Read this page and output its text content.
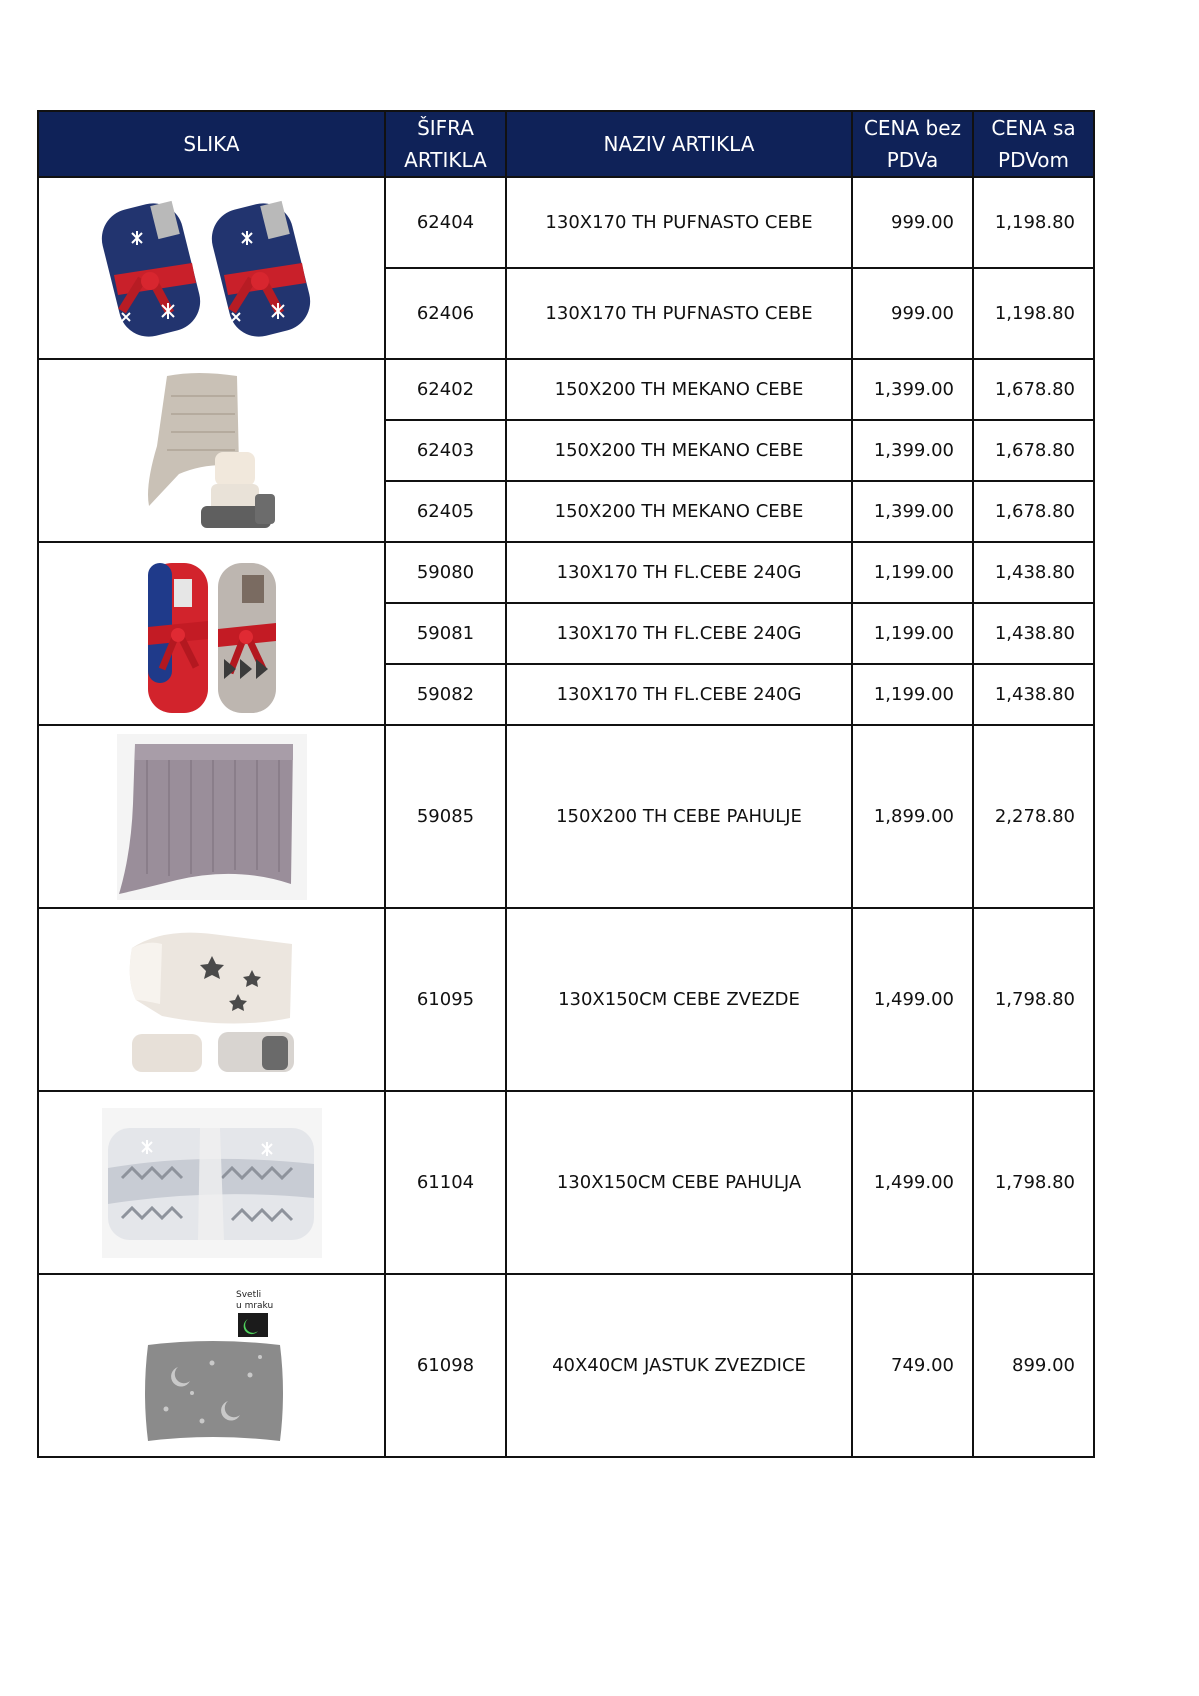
SLIKA	ŠIFRA ARTIKLA	NAZIV ARTIKLA	CENA bez PDVa	CENA sa PDVom

	62404	130X170 TH PUFNASTO CEBE	999.00	1,198.80
	62406	130X170 TH PUFNASTO CEBE	999.00	1,198.80

	62402	150X200 TH MEKANO CEBE	1,399.00	1,678.80
	62403	150X200 TH MEKANO CEBE	1,399.00	1,678.80
	62405	150X200 TH MEKANO CEBE	1,399.00	1,678.80

	59080	130X170 TH FL.CEBE 240G	1,199.00	1,438.80
	59081	130X170 TH FL.CEBE 240G	1,199.00	1,438.80
	59082	130X170 TH FL.CEBE 240G	1,199.00	1,438.80

	59085	150X200 TH CEBE PAHULJE	1,899.00	2,278.80

	61095	130X150CM CEBE ZVEZDE	1,499.00	1,798.80

	61104	130X150CM CEBE PAHULJA	1,499.00	1,798.80

Svetli
u mraku	61098	40X40CM JASTUK ZVEZDICE	749.00	899.00
